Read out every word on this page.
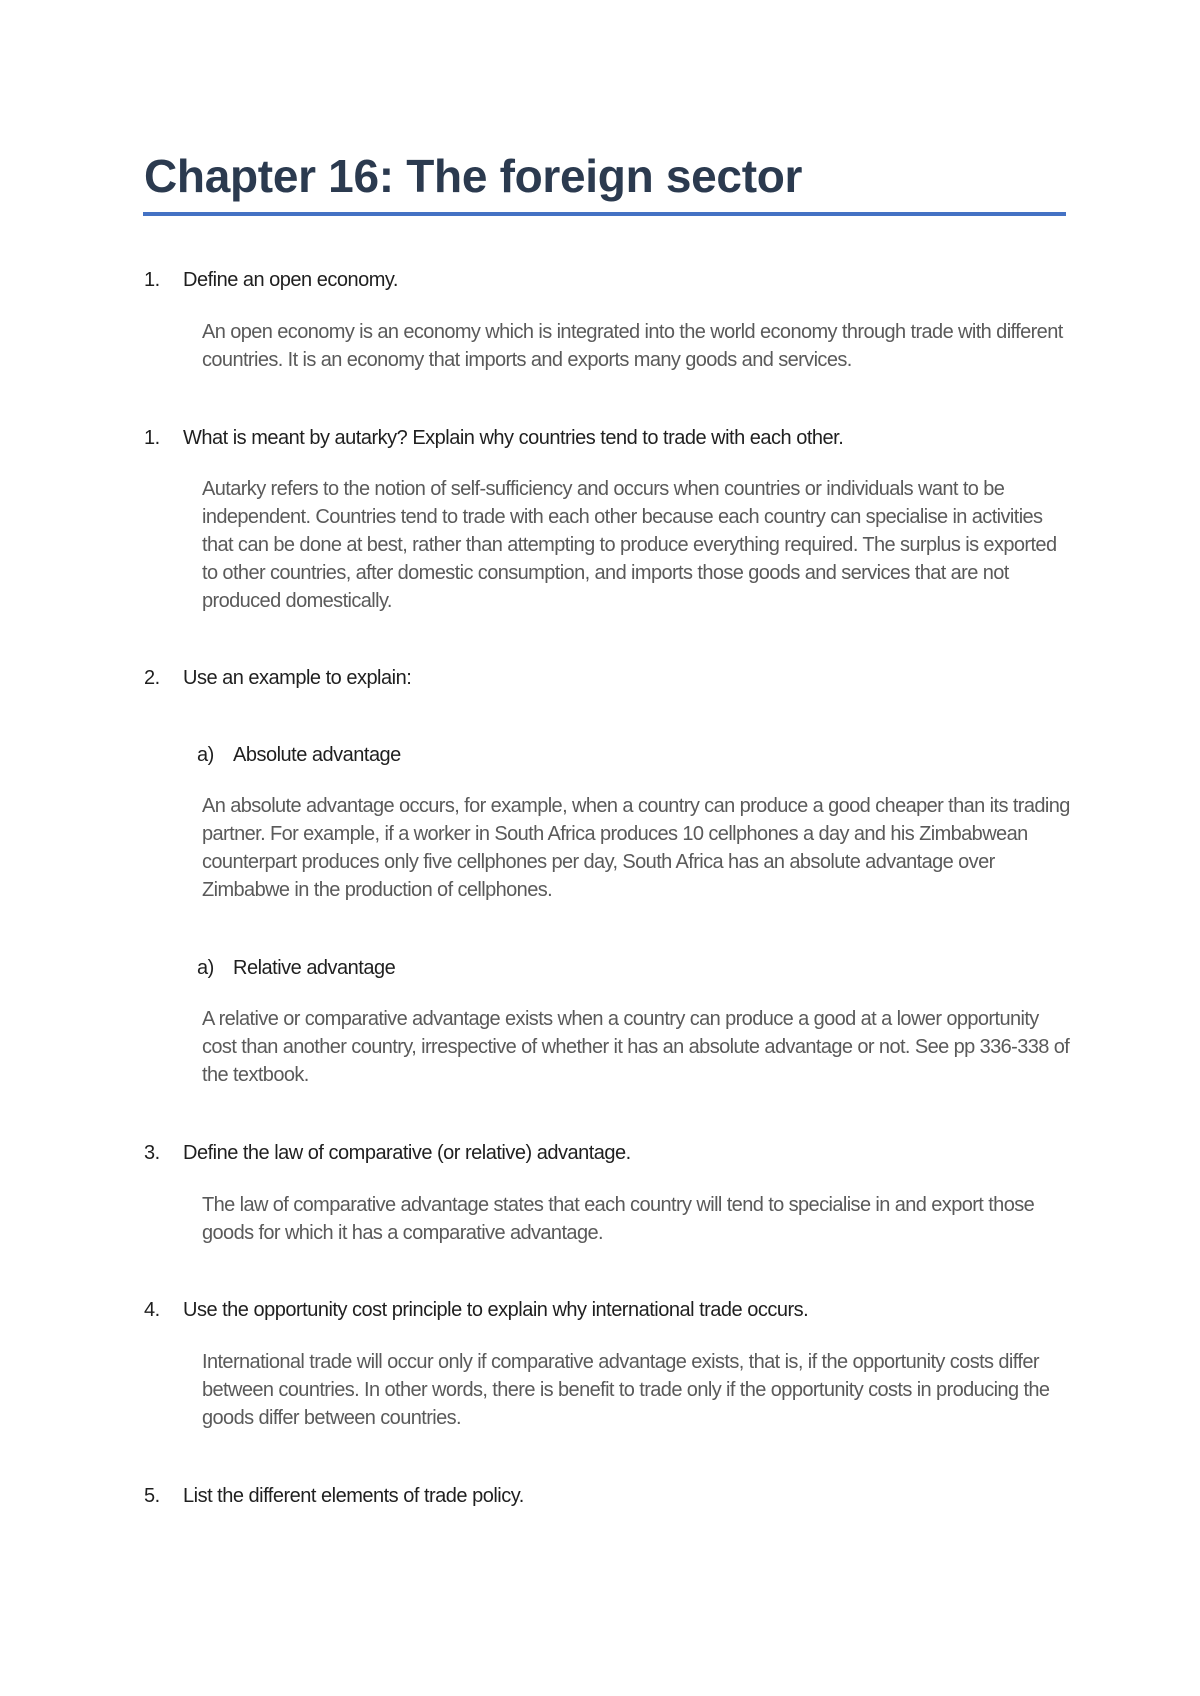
Chapter 16: The foreign sector

1. Define an open economy.

An open economy is an economy which is integrated into the world economy through trade with different countries. It is an economy that imports and exports many goods and services.

1. What is meant by autarky? Explain why countries tend to trade with each other.

Autarky refers to the notion of self-sufficiency and occurs when countries or individuals want to be independent. Countries tend to trade with each other because each country can specialise in activities that can be done at best, rather than attempting to produce everything required. The surplus is exported to other countries, after domestic consumption, and imports those goods and services that are not produced domestically.

2. Use an example to explain:

a) Absolute advantage

An absolute advantage occurs, for example, when a country can produce a good cheaper than its trading partner. For example, if a worker in South Africa produces 10 cellphones a day and his Zimbabwean counterpart produces only five cellphones per day, South Africa has an absolute advantage over Zimbabwe in the production of cellphones.

a) Relative advantage

A relative or comparative advantage exists when a country can produce a good at a lower opportunity cost than another country, irrespective of whether it has an absolute advantage or not. See pp 336-338 of the textbook.

3. Define the law of comparative (or relative) advantage.

The law of comparative advantage states that each country will tend to specialise in and export those goods for which it has a comparative advantage.

4. Use the opportunity cost principle to explain why international trade occurs.

International trade will occur only if comparative advantage exists, that is, if the opportunity costs differ between countries. In other words, there is benefit to trade only if the opportunity costs in producing the goods differ between countries.

5. List the different elements of trade policy.
